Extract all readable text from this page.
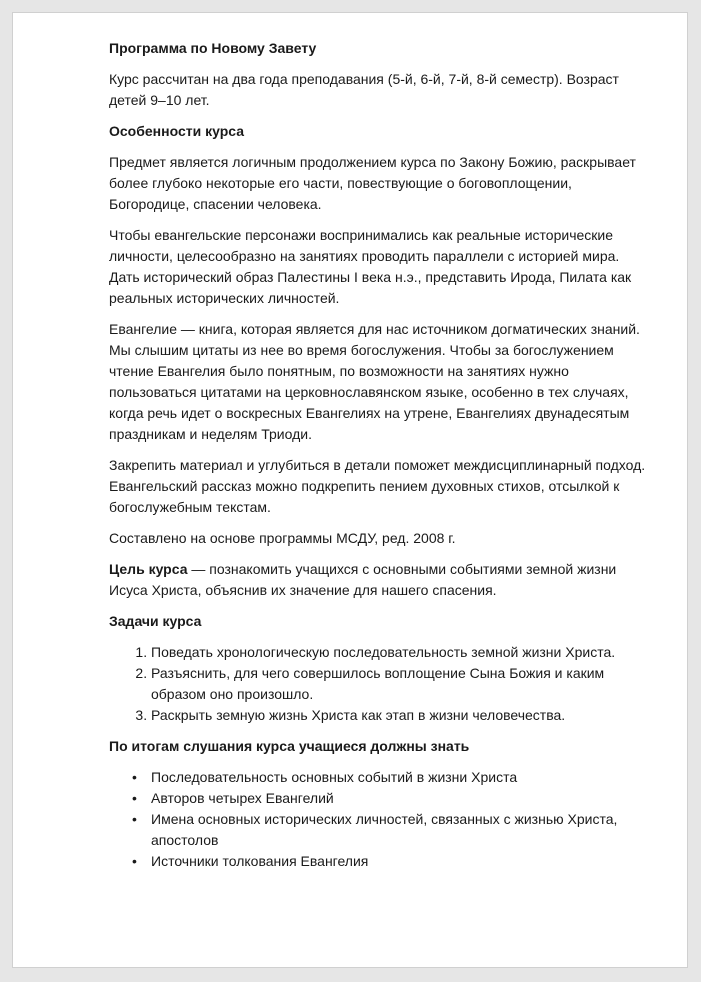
Программа по Новому Завету

Курс рассчитан на два года преподавания (5-й, 6-й, 7-й, 8-й семестр). Возраст детей 9–10 лет.

Особенности курса

Предмет является логичным продолжением курса по Закону Божию, раскрывает более глубоко некоторые его части, повествующие о боговоплощении, Богородице, спасении человека.

Чтобы евангельские персонажи воспринимались как реальные исторические личности, целесообразно на занятиях проводить параллели с историей мира. Дать исторический образ Палестины I века н.э., представить Ирода, Пилата как реальных исторических личностей.

Евангелие — книга, которая является для нас источником догматических знаний. Мы слышим цитаты из нее во время богослужения. Чтобы за богослужением чтение Евангелия было понятным, по возможности на занятиях нужно пользоваться цитатами на церковнославянском языке, особенно в тех случаях, когда речь идет о воскресных Евангелиях на утрене, Евангелиях двунадесятым праздникам и неделям Триоди.

Закрепить материал и углубиться в детали поможет междисциплинарный подход. Евангельский рассказ можно подкрепить пением духовных стихов, отсылкой к богослужебным текстам.

Составлено на основе программы МСДУ, ред. 2008 г.

Цель курса — познакомить учащихся с основными событиями земной жизни Исуса Христа, объяснив их значение для нашего спасения.

Задачи курса

1. Поведать хронологическую последовательность земной жизни Христа.
2. Разъяснить, для чего совершилось воплощение Сына Божия и каким образом оно произошло.
3. Раскрыть земную жизнь Христа как этап в жизни человечества.

По итогам слушания курса учащиеся должны знать

• Последовательность основных событий в жизни Христа
• Авторов четырех Евангелий
• Имена основных исторических личностей, связанных с жизнью Христа, апостолов
• Источники толкования Евангелия
